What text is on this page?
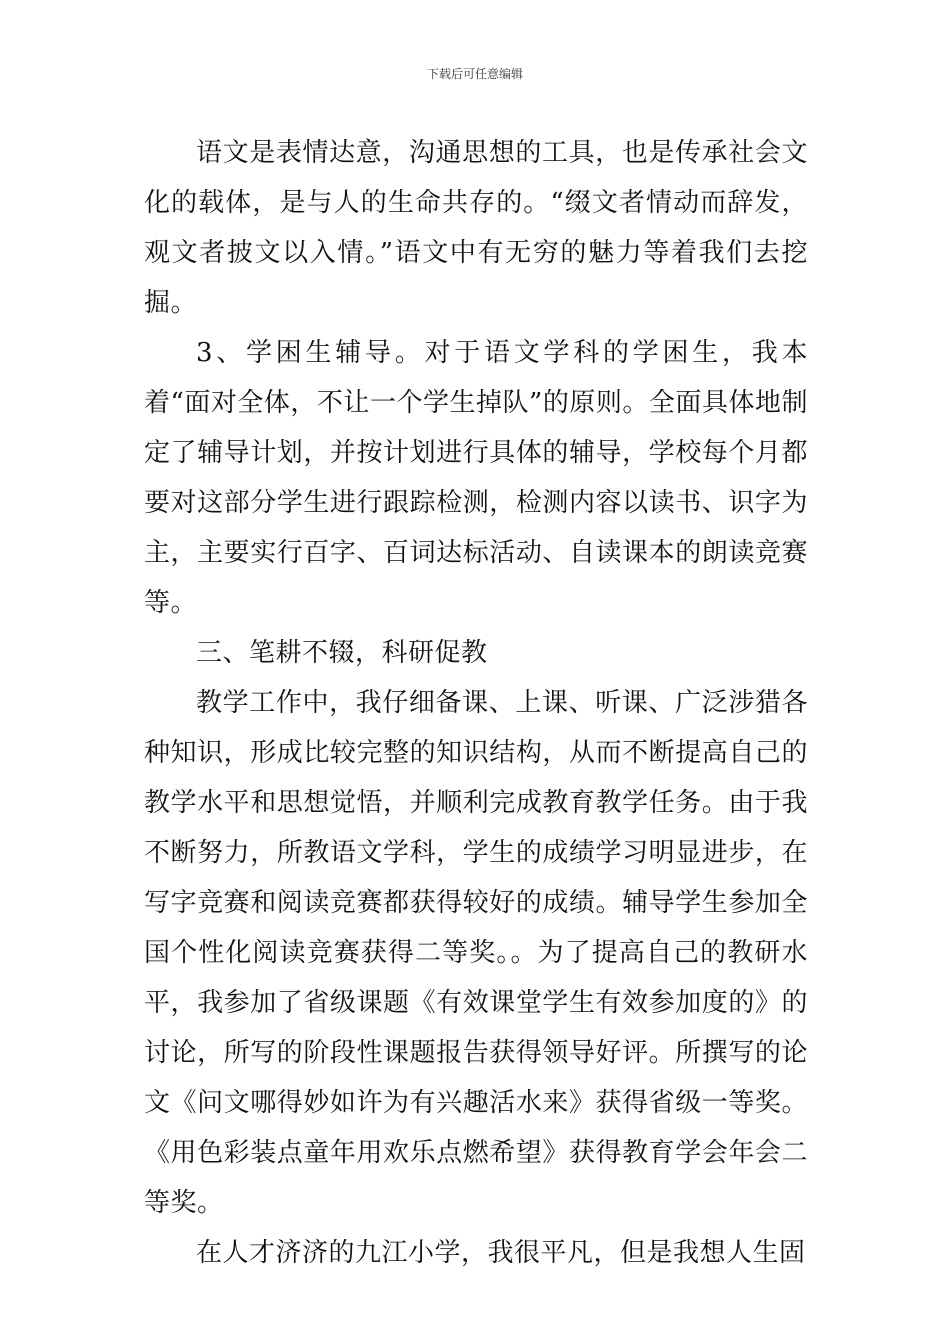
下载后可任意编辑

语文是表情达意，沟通思想的工具，也是传承社会文化的载体，是与人的生命共存的。“缀文者情动而辞发，观文者披文以入情。”语文中有无穷的魅力等着我们去挖掘。

3、学困生辅导。对于语文学科的学困生，我本着“面对全体，不让一个学生掉队”的原则。全面具体地制定了辅导计划，并按计划进行具体的辅导，学校每个月都要对这部分学生进行跟踪检测，检测内容以读书、识字为主，主要实行百字、百词达标活动、自读课本的朗读竞赛等。

三、笔耕不辍，科研促教

教学工作中，我仔细备课、上课、听课、广泛涉猎各种知识，形成比较完整的知识结构，从而不断提高自己的教学水平和思想觉悟，并顺利完成教育教学任务。由于我不断努力，所教语文学科，学生的成绩学习明显进步，在写字竞赛和阅读竞赛都获得较好的成绩。辅导学生参加全国个性化阅读竞赛获得二等奖。。为了提高自己的教研水平，我参加了省级课题《有效课堂学生有效参加度的》的讨论，所写的阶段性课题报告获得领导好评。所撰写的论文《问文哪得妙如许为有兴趣活水来》获得省级一等奖。《用色彩装点童年用欢乐点燃希望》获得教育学会年会二等奖。

在人才济济的九江小学，我很平凡，但是我想人生固
